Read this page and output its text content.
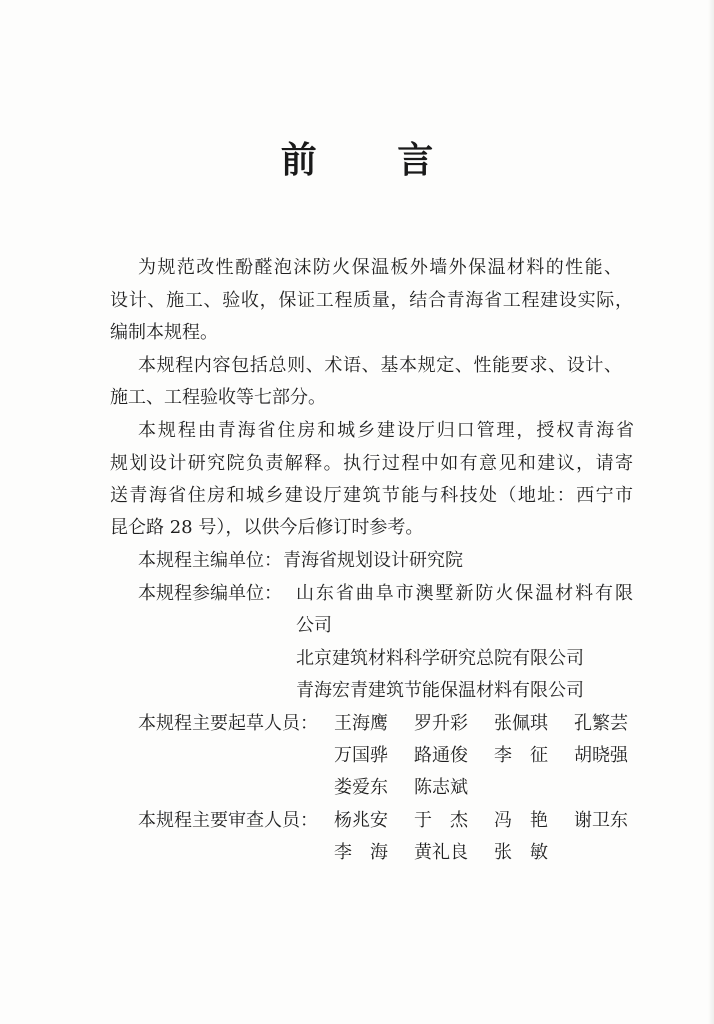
前 言
为规范改性酚醛泡沫防火保温板外墙外保温材料的性能、
设计、施工、验收，保证工程质量，结合青海省工程建设实际，
编制本规程。
本规程内容包括总则、术语、基本规定、性能要求、设计、
施工、工程验收等七部分。
本规程由青海省住房和城乡建设厅归口管理，授权青海省
规划设计研究院负责解释。执行过程中如有意见和建议，请寄
送青海省住房和城乡建设厅建筑节能与科技处（地址：西宁市
昆仑路 28 号），以供今后修订时参考。
本规程主编单位： 青海省规划设计研究院
本规程参编单位： 山东省曲阜市澳墅新防火保温材料有限
公司
北京建筑材料科学研究总院有限公司
青海宏青建筑节能保温材料有限公司
本规程主要起草人员： 王海鹰 罗升彩 张佩琪 孔繁芸
万国骅 路通俊 李　征 胡晓强
娄爱东 陈志斌
本规程主要审查人员： 杨兆安 于　杰 冯　艳 谢卫东
李　海 黄礼良 张　敏
